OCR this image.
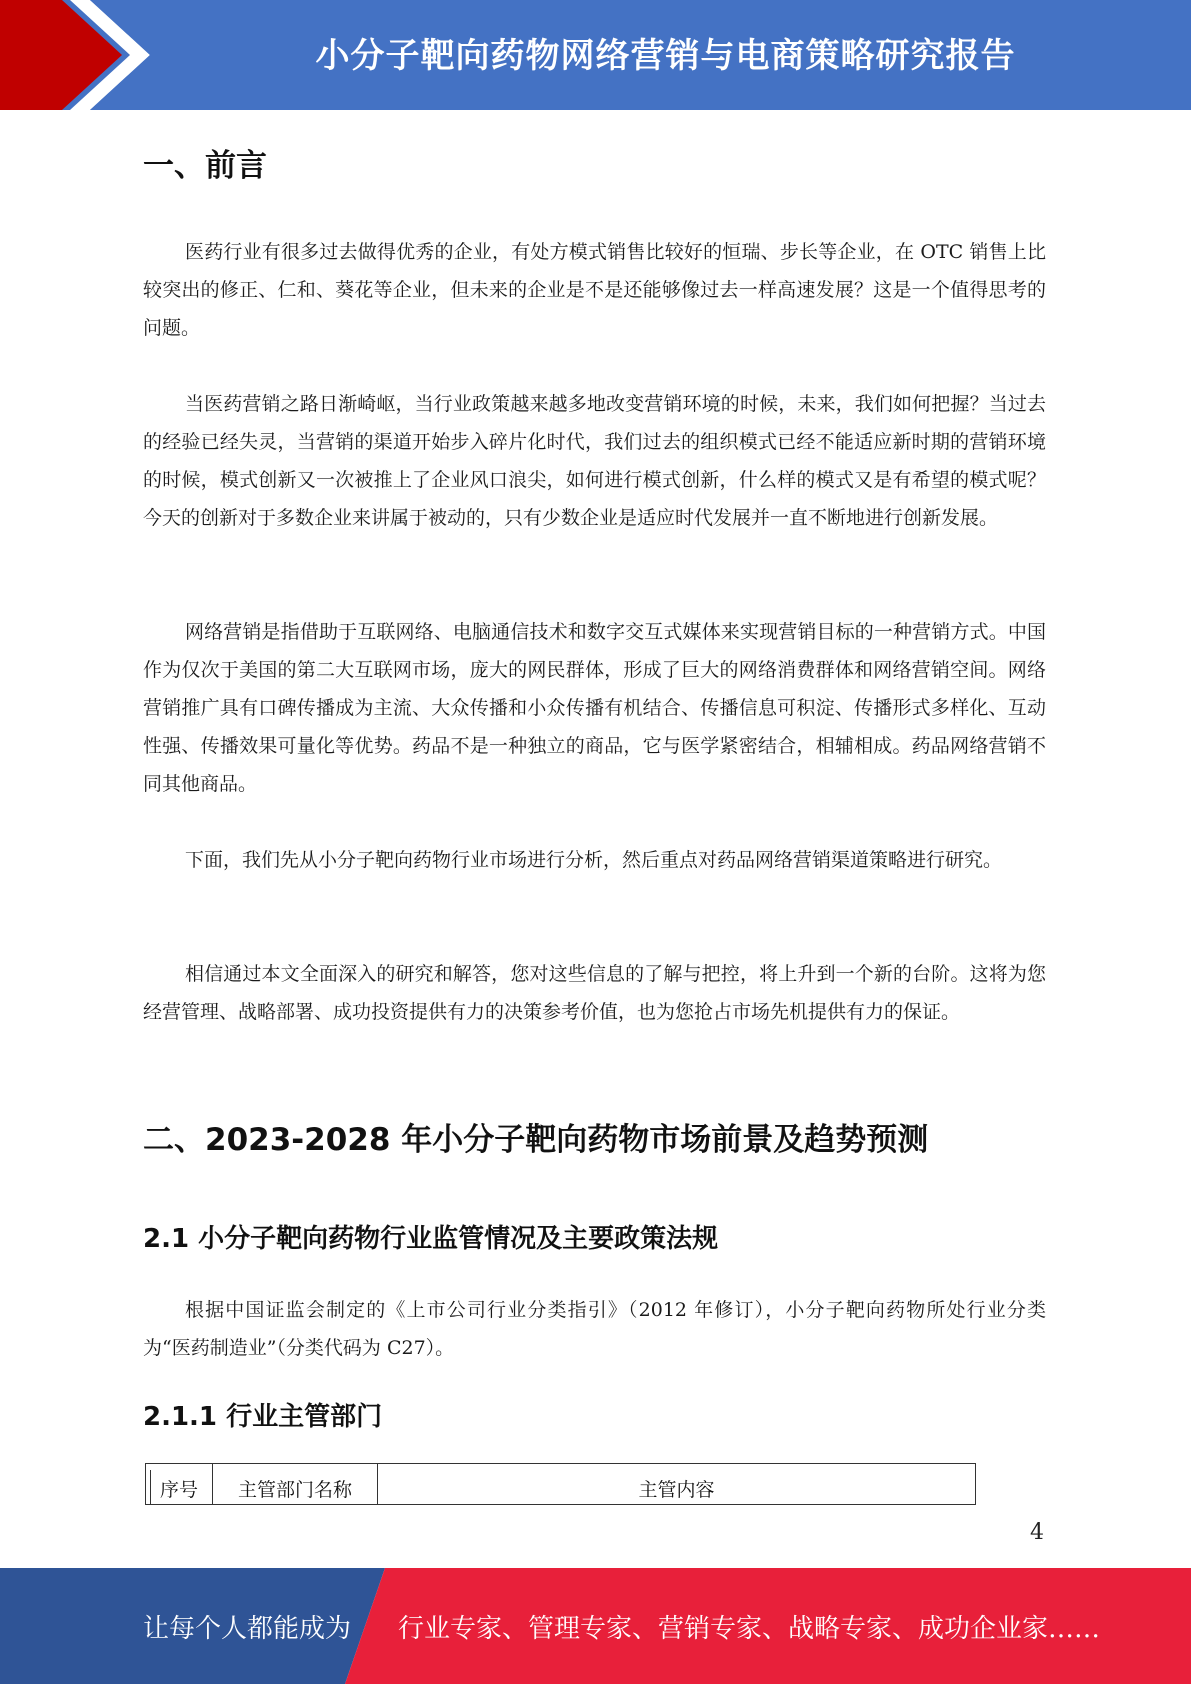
小分子靶向药物网络营销与电商策略研究报告
一、前言

医药行业有很多过去做得优秀的企业，有处方模式销售比较好的恒瑞、步长等企业，在 OTC 销售上比较突出的修正、仁和、葵花等企业，但未来的企业是不是还能够像过去一样高速发展？这是一个值得思考的问题。

当医药营销之路日渐崎岖，当行业政策越来越多地改变营销环境的时候，未来，我们如何把握？当过去的经验已经失灵，当营销的渠道开始步入碎片化时代，我们过去的组织模式已经不能适应新时期的营销环境的时候，模式创新又一次被推上了企业风口浪尖，如何进行模式创新，什么样的模式又是有希望的模式呢？今天的创新对于多数企业来讲属于被动的，只有少数企业是适应时代发展并一直不断地进行创新发展。

网络营销是指借助于互联网络、电脑通信技术和数字交互式媒体来实现营销目标的一种营销方式。中国作为仅次于美国的第二大互联网市场，庞大的网民群体，形成了巨大的网络消费群体和网络营销空间。网络营销推广具有口碑传播成为主流、大众传播和小众传播有机结合、传播信息可积淀、传播形式多样化、互动性强、传播效果可量化等优势。药品不是一种独立的商品，它与医学紧密结合，相辅相成。药品网络营销不同其他商品。

下面，我们先从小分子靶向药物行业市场进行分析，然后重点对药品网络营销渠道策略进行研究。

相信通过本文全面深入的研究和解答，您对这些信息的了解与把控，将上升到一个新的台阶。这将为您经营管理、战略部署、成功投资提供有力的决策参考价值，也为您抢占市场先机提供有力的保证。

二、2023-2028 年小分子靶向药物市场前景及趋势预测
2.1 小分子靶向药物行业监管情况及主要政策法规

根据中国证监会制定的《上市公司行业分类指引》（2012 年修订），小分子靶向药物所处行业分类为“医药制造业”（分类代码为 C27）。

2.1.1 行业主管部门
序号	主管部门名称	主管内容
4
让每个人都能成为 行业专家、管理专家、营销专家、战略专家、成功企业家……
